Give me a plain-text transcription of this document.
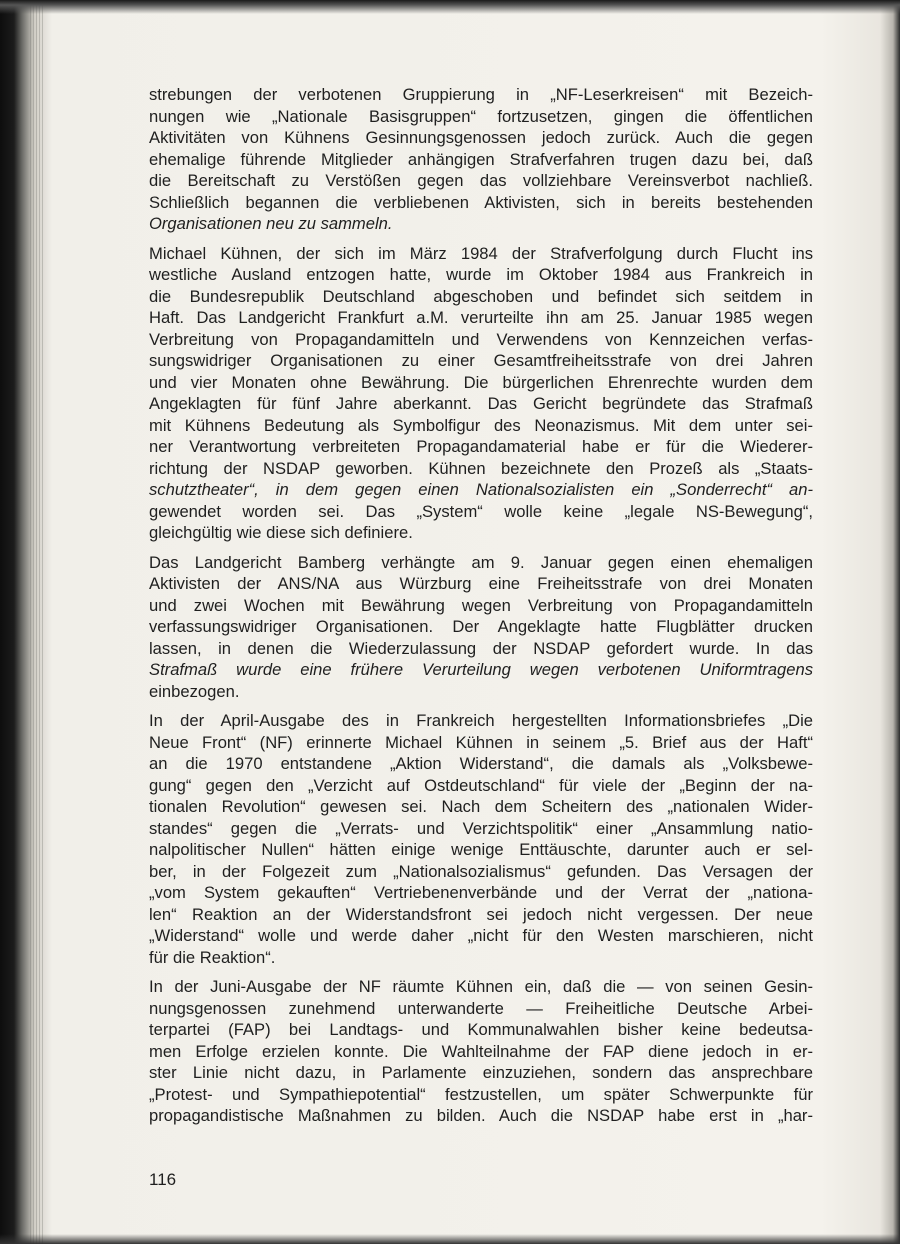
strebungen der verbotenen Gruppierung in „NF-Leserkreisen“ mit Bezeich-
nungen wie „Nationale Basisgruppen“ fortzusetzen, gingen die öffentlichen
Aktivitäten von Kühnens Gesinnungsgenossen jedoch zurück. Auch die gegen
ehemalige führende Mitglieder anhängigen Strafverfahren trugen dazu bei, daß
die Bereitschaft zu Verstößen gegen das vollziehbare Vereinsverbot nachließ.
Schließlich begannen die verbliebenen Aktivisten, sich in bereits bestehenden
Organisationen neu zu sammeln.

Michael Kühnen, der sich im März 1984 der Strafverfolgung durch Flucht ins
westliche Ausland entzogen hatte, wurde im Oktober 1984 aus Frankreich in
die Bundesrepublik Deutschland abgeschoben und befindet sich seitdem in
Haft. Das Landgericht Frankfurt a.M. verurteilte ihn am 25. Januar 1985 wegen
Verbreitung von Propagandamitteln und Verwendens von Kennzeichen verfas-
sungswidriger Organisationen zu einer Gesamtfreiheitsstrafe von drei Jahren
und vier Monaten ohne Bewährung. Die bürgerlichen Ehrenrechte wurden dem
Angeklagten für fünf Jahre aberkannt. Das Gericht begründete das Strafmaß
mit Kühnens Bedeutung als Symbolfigur des Neonazismus. Mit dem unter sei-
ner Verantwortung verbreiteten Propagandamaterial habe er für die Wiederer-
richtung der NSDAP geworben. Kühnen bezeichnete den Prozeß als „Staats-
schutztheater“, in dem gegen einen Nationalsozialisten ein „Sonderrecht“ an-
gewendet worden sei. Das „System“ wolle keine „legale NS-Bewegung“,
gleichgültig wie diese sich definiere.

Das Landgericht Bamberg verhängte am 9. Januar gegen einen ehemaligen
Aktivisten der ANS/NA aus Würzburg eine Freiheitsstrafe von drei Monaten
und zwei Wochen mit Bewährung wegen Verbreitung von Propagandamitteln
verfassungswidriger Organisationen. Der Angeklagte hatte Flugblätter drucken
lassen, in denen die Wiederzulassung der NSDAP gefordert wurde. In das
Strafmaß wurde eine frühere Verurteilung wegen verbotenen Uniformtragens
einbezogen.

In der April-Ausgabe des in Frankreich hergestellten Informationsbriefes „Die
Neue Front“ (NF) erinnerte Michael Kühnen in seinem „5. Brief aus der Haft“
an die 1970 entstandene „Aktion Widerstand“, die damals als „Volksbewe-
gung“ gegen den „Verzicht auf Ostdeutschland“ für viele der „Beginn der na-
tionalen Revolution“ gewesen sei. Nach dem Scheitern des „nationalen Wider-
standes“ gegen die „Verrats- und Verzichtspolitik“ einer „Ansammlung natio-
nalpolitischer Nullen“ hätten einige wenige Enttäuschte, darunter auch er sel-
ber, in der Folgezeit zum „Nationalsozialismus“ gefunden. Das Versagen der
„vom System gekauften“ Vertriebenenverbände und der Verrat der „nationa-
len“ Reaktion an der Widerstandsfront sei jedoch nicht vergessen. Der neue
„Widerstand“ wolle und werde daher „nicht für den Westen marschieren, nicht
für die Reaktion“.

In der Juni-Ausgabe der NF räumte Kühnen ein, daß die — von seinen Gesin-
nungsgenossen zunehmend unterwanderte — Freiheitliche Deutsche Arbei-
terpartei (FAP) bei Landtags- und Kommunalwahlen bisher keine bedeutsa-
men Erfolge erzielen konnte. Die Wahlteilnahme der FAP diene jedoch in er-
ster Linie nicht dazu, in Parlamente einzuziehen, sondern das ansprechbare
„Protest- und Sympathiepotential“ festzustellen, um später Schwerpunkte für
propagandistische Maßnahmen zu bilden. Auch die NSDAP habe erst in „har-

116
